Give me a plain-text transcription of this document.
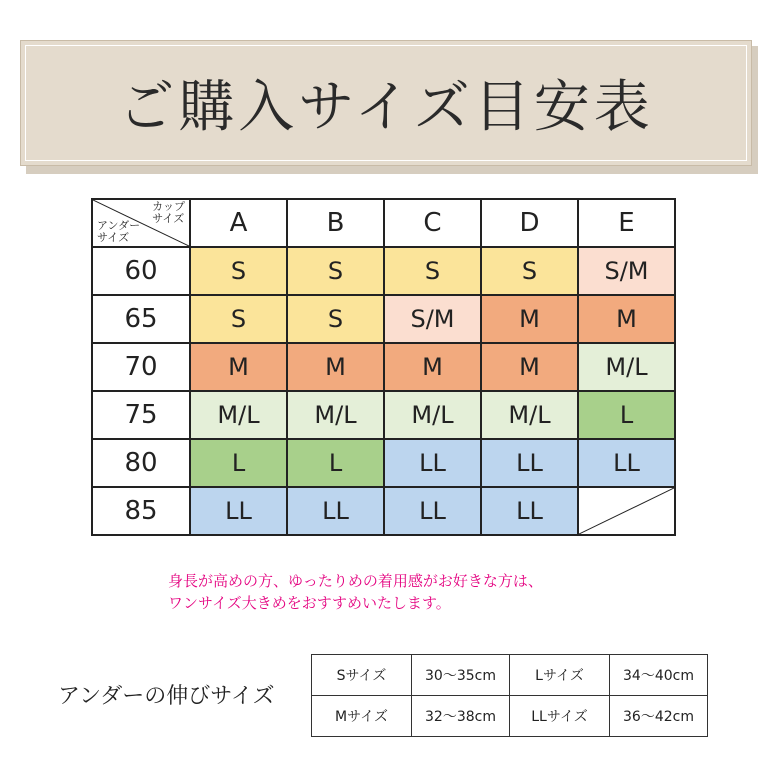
ご購入サイズ目安表
カップ
サイズ
アンダー
サイズ	A	B	C	D	E
60	S	S	S	S	S/M
65	S	S	S/M	M	M
70	M	M	M	M	M/L
75	M/L	M/L	M/L	M/L	L
80	L	L	LL	LL	LL
85	LL	LL	LL	LL	
身長が高めの方、ゆったりめの着用感がお好きな方は、
ワンサイズ大きめをおすすめいたします。
アンダーの伸びサイズ
Sサイズ	30〜35cm	Lサイズ	34〜40cm
Mサイズ	32〜38cm	LLサイズ	36〜42cm
